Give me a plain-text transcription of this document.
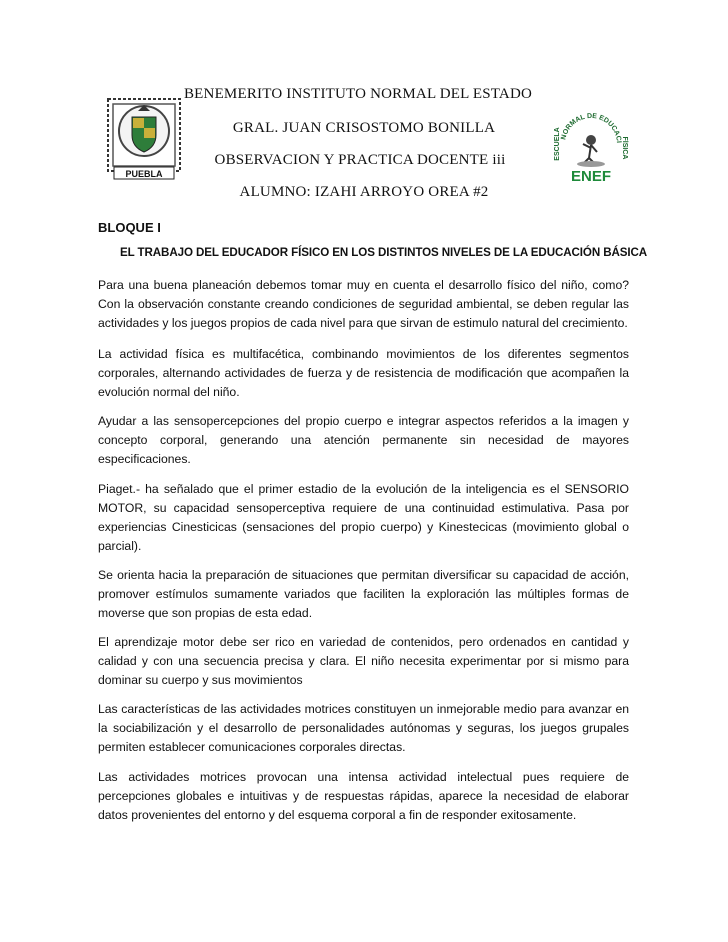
PUEBLA
BENEMERITO INSTITUTO NORMAL DEL ESTADO
GRAL. JUAN CRISOSTOMO BONILLA
OBSERVACION Y PRACTICA DOCENTE iii
ALUMNO: IZAHI ARROYO OREA #2
NORMAL DE EDUCACI
ESCUELA	FÍSICA
ENEF
BLOQUE I
EL TRABAJO DEL EDUCADOR FÍSICO EN LOS DISTINTOS NIVELES DE LA EDUCACIÓN BÁSICA

Para una buena planeación debemos tomar muy en cuenta el desarrollo físico del niño, como? Con la observación constante creando condiciones de seguridad ambiental, se deben regular las actividades y los juegos propios de cada nivel para que sirvan de estimulo natural del crecimiento.

La actividad física es multifacética, combinando movimientos de los diferentes segmentos corporales, alternando actividades de fuerza y de resistencia de modificación que acompañen la evolución normal del niño.

Ayudar a las sensopercepciones del propio cuerpo e integrar aspectos referidos a la imagen y concepto corporal, generando una atención permanente sin necesidad de mayores especificaciones.

Piaget.- ha señalado que el primer estadio de la evolución de la inteligencia es el SENSORIO MOTOR, su capacidad sensoperceptiva requiere de una continuidad estimulativa. Pasa por experiencias Cinesticicas (sensaciones del propio cuerpo) y Kinestecicas (movimiento global o parcial).

Se orienta hacia la preparación de situaciones que permitan diversificar su capacidad de acción, promover estímulos sumamente variados que faciliten la exploración las múltiples formas de moverse que son propias de esta edad.

El aprendizaje motor debe ser rico en variedad de contenidos, pero ordenados en cantidad y calidad y con una secuencia precisa y clara. El niño necesita experimentar por si mismo para dominar su cuerpo y sus movimientos

Las características de las actividades motrices constituyen un inmejorable medio para avanzar en la sociabilización y el desarrollo de personalidades autónomas y seguras, los juegos grupales permiten establecer comunicaciones corporales directas.

Las actividades motrices provocan una intensa actividad intelectual pues requiere de percepciones globales e intuitivas y de respuestas rápidas, aparece la necesidad de elaborar datos provenientes del entorno y del esquema corporal a fin de responder exitosamente.
